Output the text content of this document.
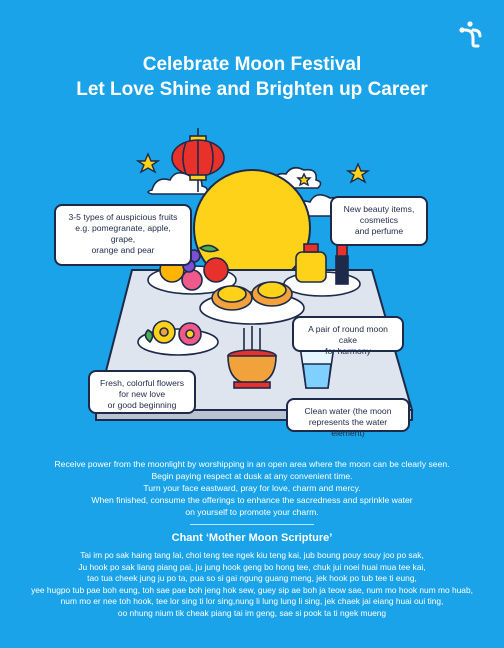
Celebrate Moon Festival
Let Love Shine and Brighten up Career
3-5 types of auspicious fruits
e.g. pomegranate, apple, grape,
orange and pear
New beauty items,
cosmetics
and perfume
A pair of round moon cake
for harmony
Fresh, colorful flowers
for new love
or good beginning
Clean water (the moon
represents the water element)
Receive power from the moonlight by worshipping in an open area where the moon can be clearly seen.
Begin paying respect at dusk at any convenient time.
Turn your face eastward, pray for love, charm and mercy.
When finished, consume the offerings to enhance the sacredness and sprinkle water
on yourself to promote your charm.
Chant ‘Mother Moon Scripture’
Tai im po sak haing tang lai, choi teng tee ngek kiu teng kai, jub boung pouy souy joo po sak,
Ju hook po sak liang piang pai, ju jung hook geng bo hong tee, chuk jui noei huai mua tee kai,
tao tua cheek jung ju po ta, pua so si gai ngung guang meng, jek hook po tub tee ti eung,
yee hugpo tub pae boh eung, toh sae pae boh jeng hok sew, guey sip ae boh ja teow sae, num mo hook num mo huab,
num mo er nee toh hook, tee lor sing ti lor sing,nung li lung lung li sing, jek chaek jai eiang huai oui ting,
oo nhung nium tik cheak piang tai im geng, sae si pook ta ti ngek mueng
